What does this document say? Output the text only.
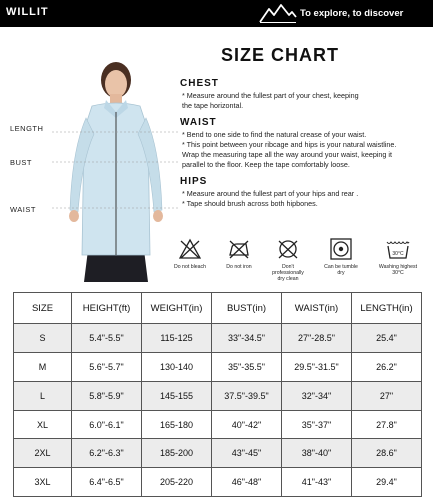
WILLIT	To explore, to discover
LENGTH
BUST
WAIST
SIZE CHART
CHEST
* Measure around the fullest part of your chest, keeping
the tape horizontal.
WAIST
* Bend to one side to find the natural crease of your waist.
* This point between your ribcage and hips is your natural waistline.
Wrap the measuring tape all the way around your waist, keeping it
parallel to the floor. Keep the tape comfortably loose.
HIPS
* Measure around the fullest part of your hips and rear .
* Tape should brush across both hipbones.
Do not bleach	Do not iron	Don't professionally dry clean
Can be tumble dry
30°C
Washing highest 30°C
SIZE	HEIGHT(ft)	WEIGHT(in)	BUST(in)	WAIST(in)	LENGTH(in)
S	5.4"-5.5"	115-125	33"-34.5"	27"-28.5"	25.4"
M	5.6"-5.7"	130-140	35"-35.5"	29.5"-31.5"	26.2"
L	5.8"-5.9"	145-155	37.5"-39.5"	32"-34"	27"
XL	6.0"-6.1"	165-180	40"-42"	35"-37"	27.8"
2XL	6.2"-6.3"	185-200	43"-45"	38"-40"	28.6"
3XL	6.4"-6.5"	205-220	46"-48"	41"-43"	29.4"
